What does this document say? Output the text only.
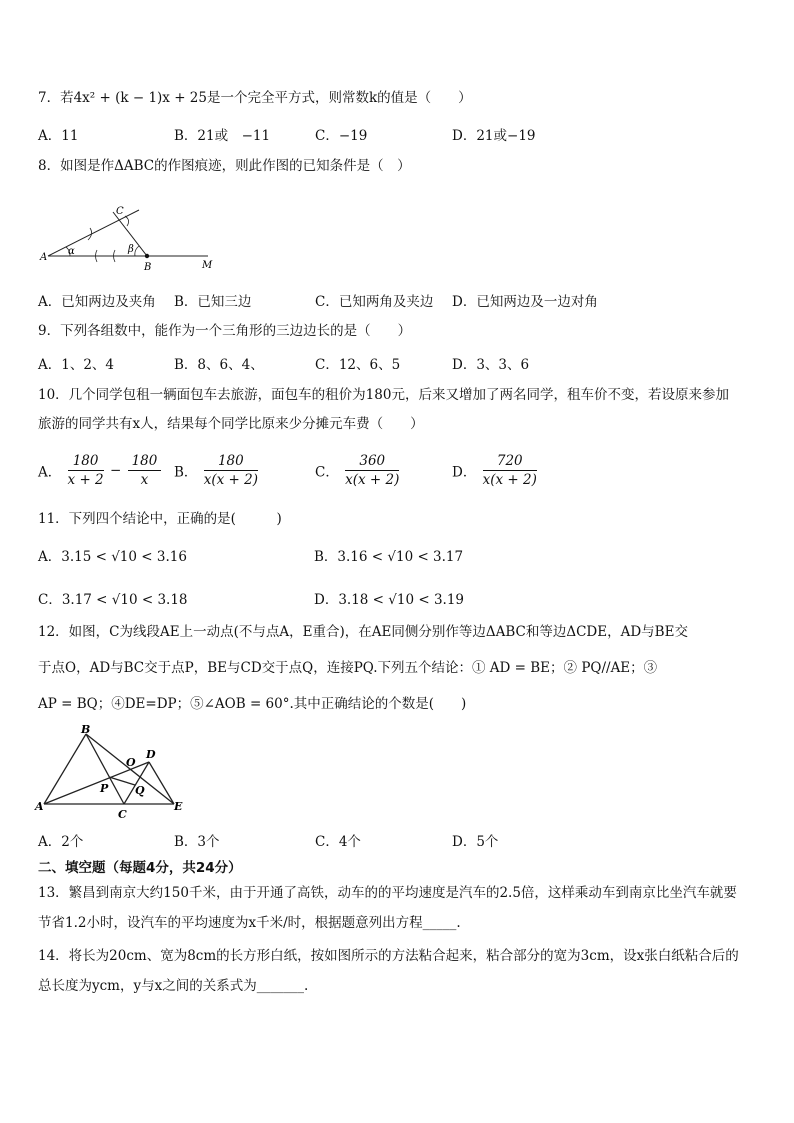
7．若4x² + (k − 1)x + 25是一个完全平方式，则常数k的值是（　　）
A．11	B．21或　−11	C．−19	D．21或−19
8．如图是作ΔABC的作图痕迹，则此作图的已知条件是（　）
A
B
C
M
α	β
A．已知两边及夹角 B．已知三边	C．已知两角及夹边 D．已知两边及一边对角
9．下列各组数中，能作为一个三角形的三边边长的是（　　）
A．1、2、4	B．8、6、4、	C．12、6、5	D．3、3、6
10．几个同学包租一辆面包车去旅游，面包车的租价为180元，后来又增加了两名同学，租车价不变，若设原来参加
旅游的同学共有x人，结果每个同学比原来少分摊元车费（　　）
A． $\frac{180}{x + 2} - \frac{180}{x}$ B． $\frac{180}{x(x + 2)}$	C． $\frac{360}{x(x + 2)}$	D． $\frac{720}{x(x + 2)}$
11．下列四个结论中，正确的是(　　　)
A．3.15 < √10 < 3.16	B．3.16 < √10 < 3.17
C．3.17 < √10 < 3.18	D．3.18 < √10 < 3.19
12．如图，C为线段AE上一动点(不与点A，E重合)，在AE同侧分别作等边ΔABC和等边ΔCDE，AD与BE交
于点O，AD与BC交于点P，BE与CD交于点Q，连接PQ.下列五个结论：① AD = BE；② PQ//AE；③
AP = BQ；④DE=DP；⑤∠AOB = 60°.其中正确结论的个数是(　　)
A
B
C
D
E
O
P Q
A．2个	B．3个	C．4个	D．5个
二、填空题（每题4分，共24分）
13．繁昌到南京大约150千米，由于开通了高铁，动车的的平均速度是汽车的2.5倍，这样乘动车到南京比坐汽车就要
节省1.2小时，设汽车的平均速度为x千米/时，根据题意列出方程_____.
14．将长为20cm、宽为8cm的长方形白纸，按如图所示的方法粘合起来，粘合部分的宽为3cm，设x张白纸粘合后的
总长度为ycm，y与x之间的关系式为_______.
